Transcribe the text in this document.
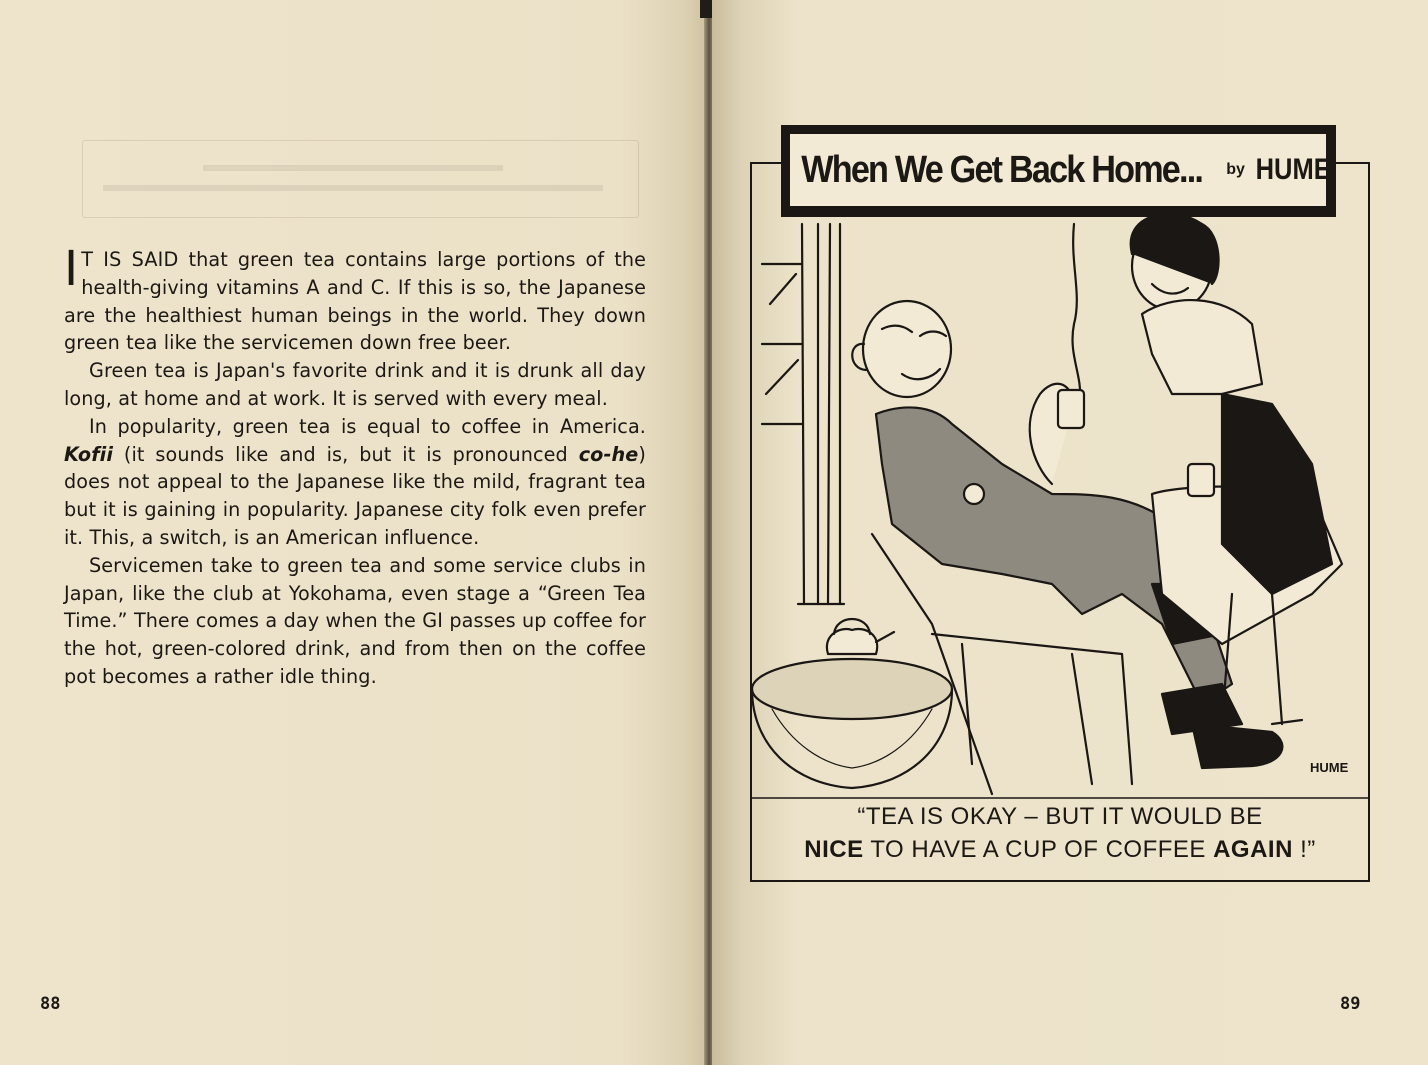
I T IS SAID that green tea contains large portions of the health-giving vitamins A and C. If this is so, the Japanese are the healthiest human beings in the world. They down green tea like the servicemen down free beer.

Green tea is Japan's favorite drink and it is drunk all day long, at home and at work. It is served with every meal.

In popularity, green tea is equal to coffee in America. Kofii (it sounds like and is, but it is pronounced co-he) does not appeal to the Japanese like the mild, fragrant tea but it is gaining in popularity. Japanese city folk even prefer it. This, a switch, is an American influence.

Servicemen take to green tea and some service clubs in Japan, like the club at Yokohama, even stage a “Green Tea Time.” There comes a day when the GI passes up coffee for the hot, green-colored drink, and from then on the coffee pot becomes a rather idle thing.

88
HUME
When We Get Back Home... by HUME
“TEA IS OKAY – BUT IT WOULD BE
NICE TO HAVE A CUP OF COFFEE AGAIN !”
89
